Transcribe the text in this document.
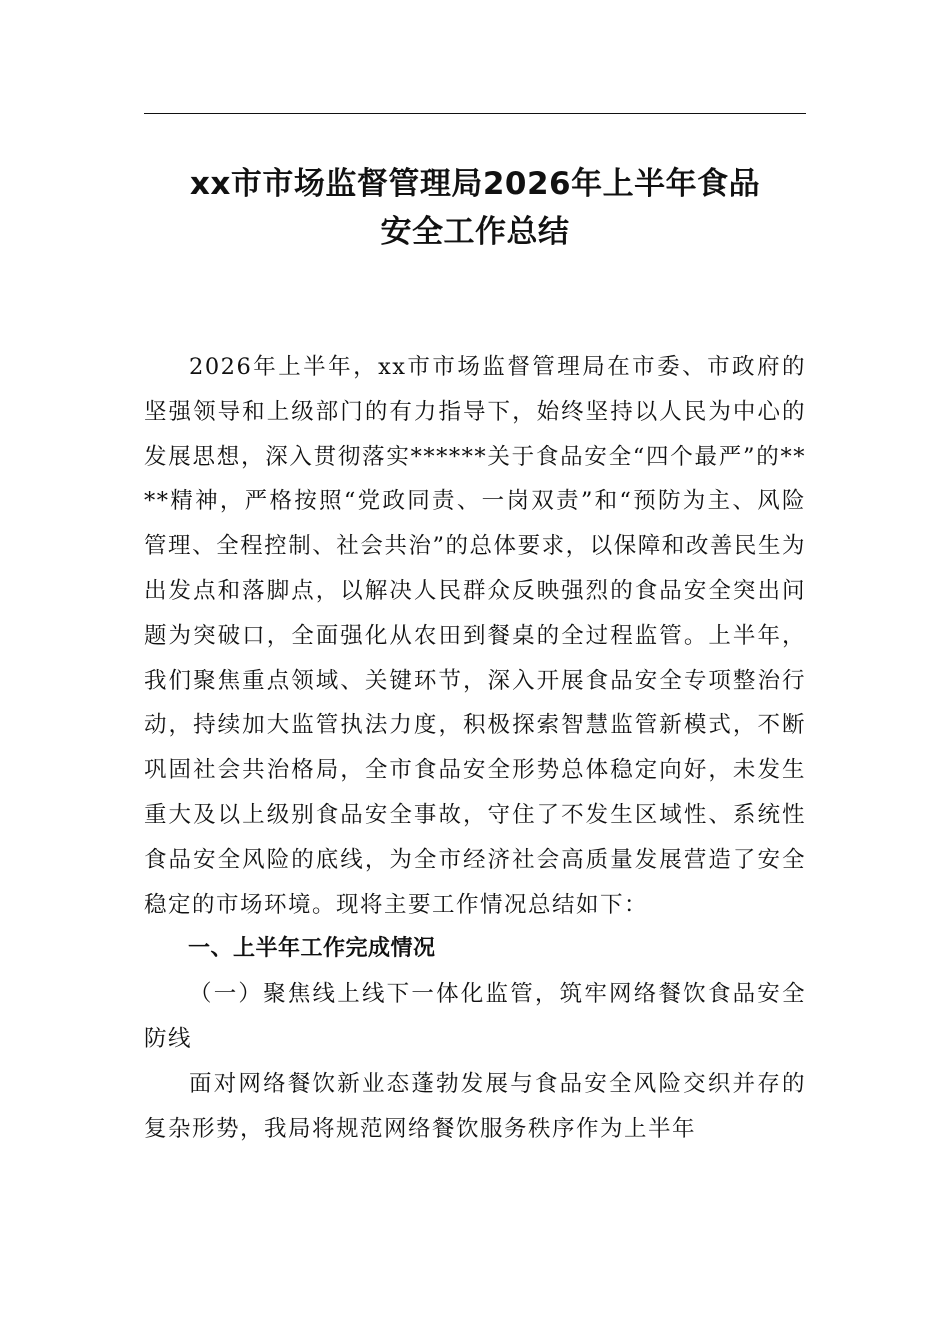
xx市市场监督管理局2026年上半年食品
安全工作总结

2026年上半年，xx市市场监督管理局在市委、市政府的坚强领导和上级部门的有力指导下，始终坚持以人民为中心的发展思想，深入贯彻落实******关于食品安全“四个最严”的****精神，严格按照“党政同责、一岗双责”和“预防为主、风险管理、全程控制、社会共治”的总体要求，以保障和改善民生为出发点和落脚点，以解决人民群众反映强烈的食品安全突出问题为突破口，全面强化从农田到餐桌的全过程监管。上半年，我们聚焦重点领域、关键环节，深入开展食品安全专项整治行动，持续加大监管执法力度，积极探索智慧监管新模式，不断巩固社会共治格局，全市食品安全形势总体稳定向好，未发生重大及以上级别食品安全事故，守住了不发生区域性、系统性食品安全风险的底线，为全市经济社会高质量发展营造了安全稳定的市场环境。现将主要工作情况总结如下：

一、上半年工作完成情况

（一）聚焦线上线下一体化监管，筑牢网络餐饮食品安全防线

面对网络餐饮新业态蓬勃发展与食品安全风险交织并存的复杂形势，我局将规范网络餐饮服务秩序作为上半年
